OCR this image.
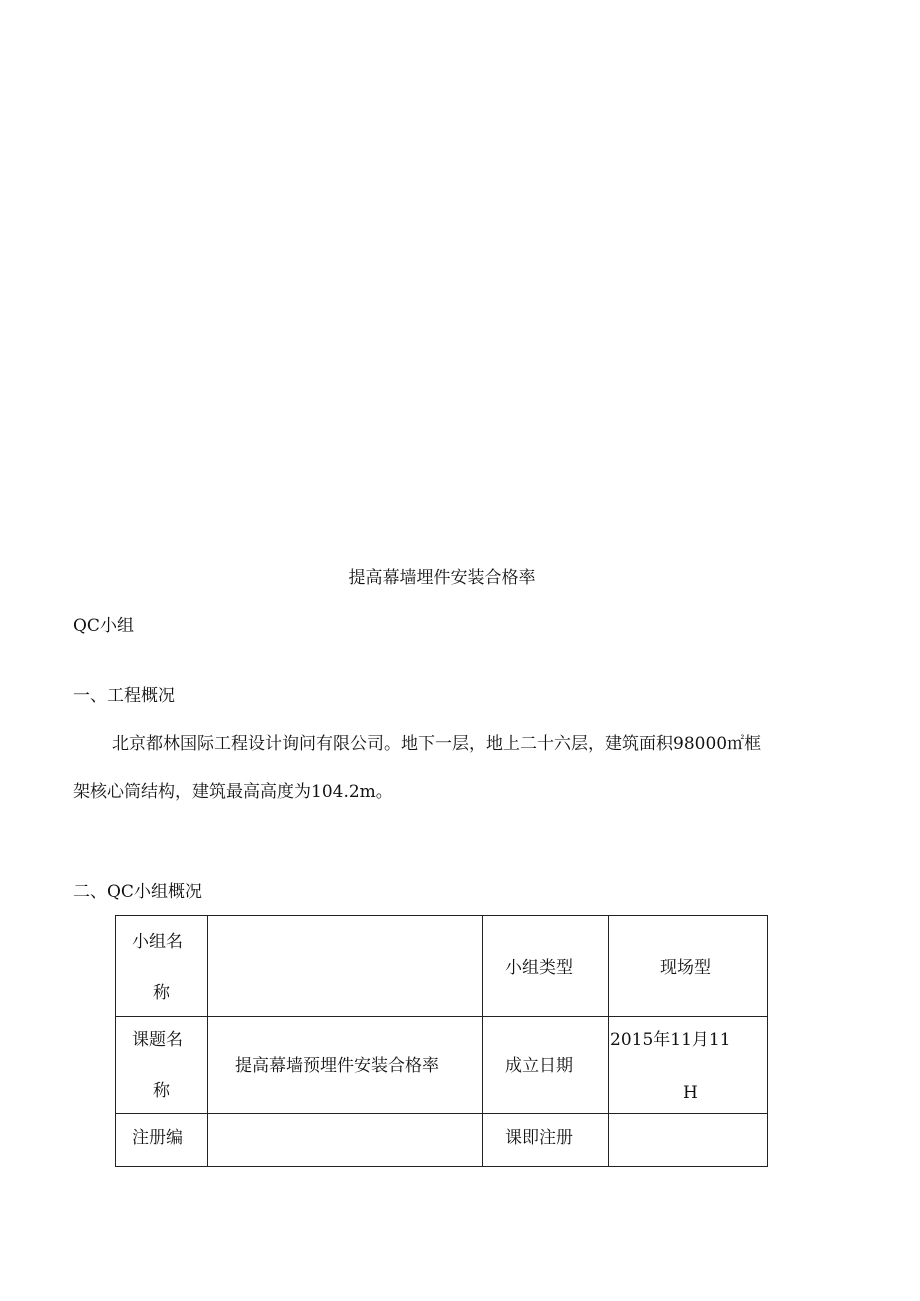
提高幕墙埋件安装合格率
QC小组
一、工程概况
北京都林国际工程设计询问有限公司。地下一层，地上二十六层，建筑面积98000㎡框
架核心筒结构，建筑最高高度为104.2m。
二、QC小组概况
小组名
称		小组类型	现场型

课题名
称	提高幕墙预埋件安装合格率	成立日期	2015年11月11
H

注册编		课即注册	
